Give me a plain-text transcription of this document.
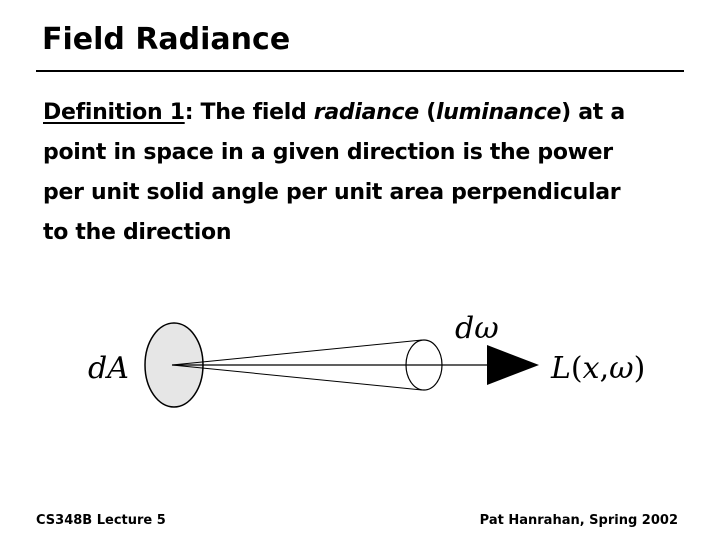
Field Radiance
Definition 1: The field radiance (luminance) at a
point in space in a given direction is the power
per unit solid angle per unit area perpendicular
to the direction
dA
dω
L(x,ω)
CS348B Lecture 5	Pat Hanrahan, Spring 2002
